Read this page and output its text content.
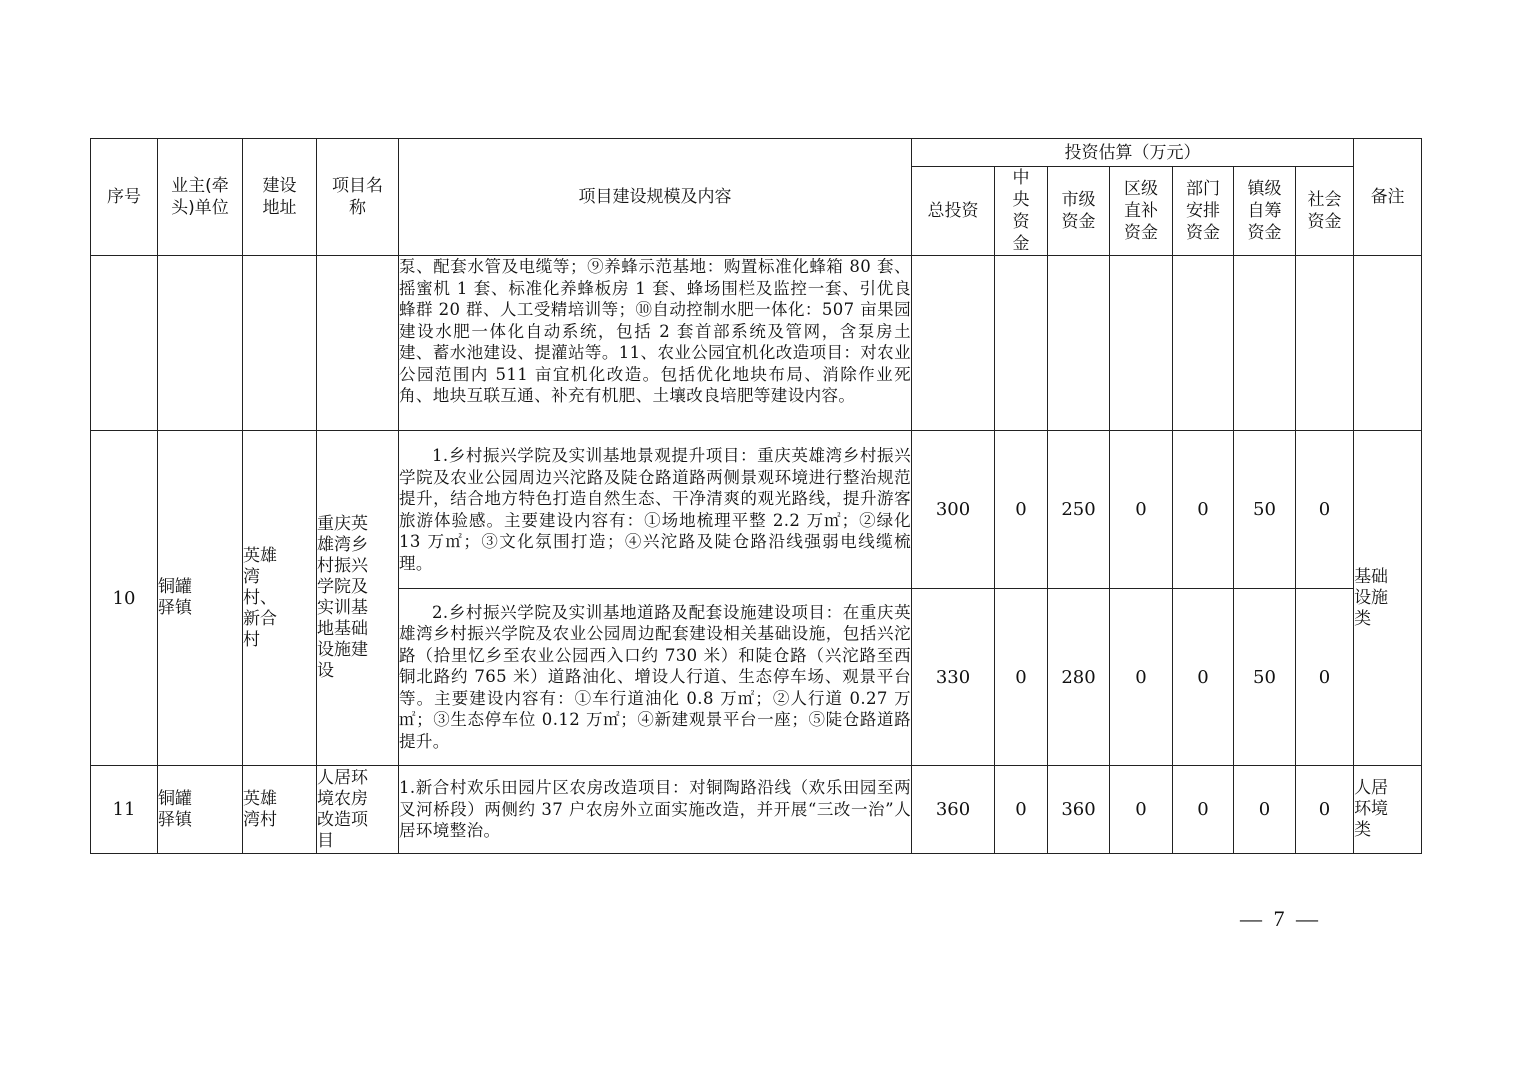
序号	业主(牵头)单位	建设地址	项目名称	项目建设规模及内容	投资估算（万元）							备注
					总投资	中央资金	市级资金	区级直补资金	部门安排资金	镇级自筹资金	社会资金	

				泵、配套水管及电缆等；⑨养蜂示范基地：购置标准化蜂箱 80 套、摇蜜机 1 套、标准化养蜂板房 1 套、蜂场围栏及监控一套、引优良蜂群 20 群、人工受精培训等；⑩自动控制水肥一体化：507 亩果园建设水肥一体化自动系统，包括 2 套首部系统及管网，含泵房土建、蓄水池建设、提灌站等。11、农业公园宜机化改造项目：对农业公园范围内 511 亩宜机化改造。包括优化地块布局、消除作业死角、地块互联互通、补充有机肥、土壤改良培肥等建设内容。								

10	铜罐驿镇	英雄湾村、新合村	重庆英雄湾乡村振兴学院及实训基地基础设施建设	1.乡村振兴学院及实训基地景观提升项目：重庆英雄湾乡村振兴学院及农业公园周边兴沱路及陡仓路道路两侧景观环境进行整治规范提升，结合地方特色打造自然生态、干净清爽的观光路线，提升游客旅游体验感。主要建设内容有：①场地梳理平整 2.2 万㎡；②绿化 13 万㎡；③文化氛围打造；④兴沱路及陡仓路沿线强弱电线缆梳理。	300	0	250	0	0	50	0	基础设施类

				2.乡村振兴学院及实训基地道路及配套设施建设项目：在重庆英雄湾乡村振兴学院及农业公园周边配套建设相关基础设施，包括兴沱路（拾里忆乡至农业公园西入口约 730 米）和陡仓路（兴沱路至西铜北路约 765 米）道路油化、增设人行道、生态停车场、观景平台等。主要建设内容有：①车行道油化 0.8 万㎡；②人行道 0.27 万㎡；③生态停车位 0.12 万㎡；④新建观景平台一座；⑤陡仓路道路提升。	330	0	280	0	0	50	0	
11	铜罐驿镇	英雄湾村	人居环境农房改造项目	1.新合村欢乐田园片区农房改造项目：对铜陶路沿线（欢乐田园至两叉河桥段）两侧约 37 户农房外立面实施改造，并开展“三改一治”人居环境整治。	360	0	360	0	0	0	0	人居环境类
— 7 —
